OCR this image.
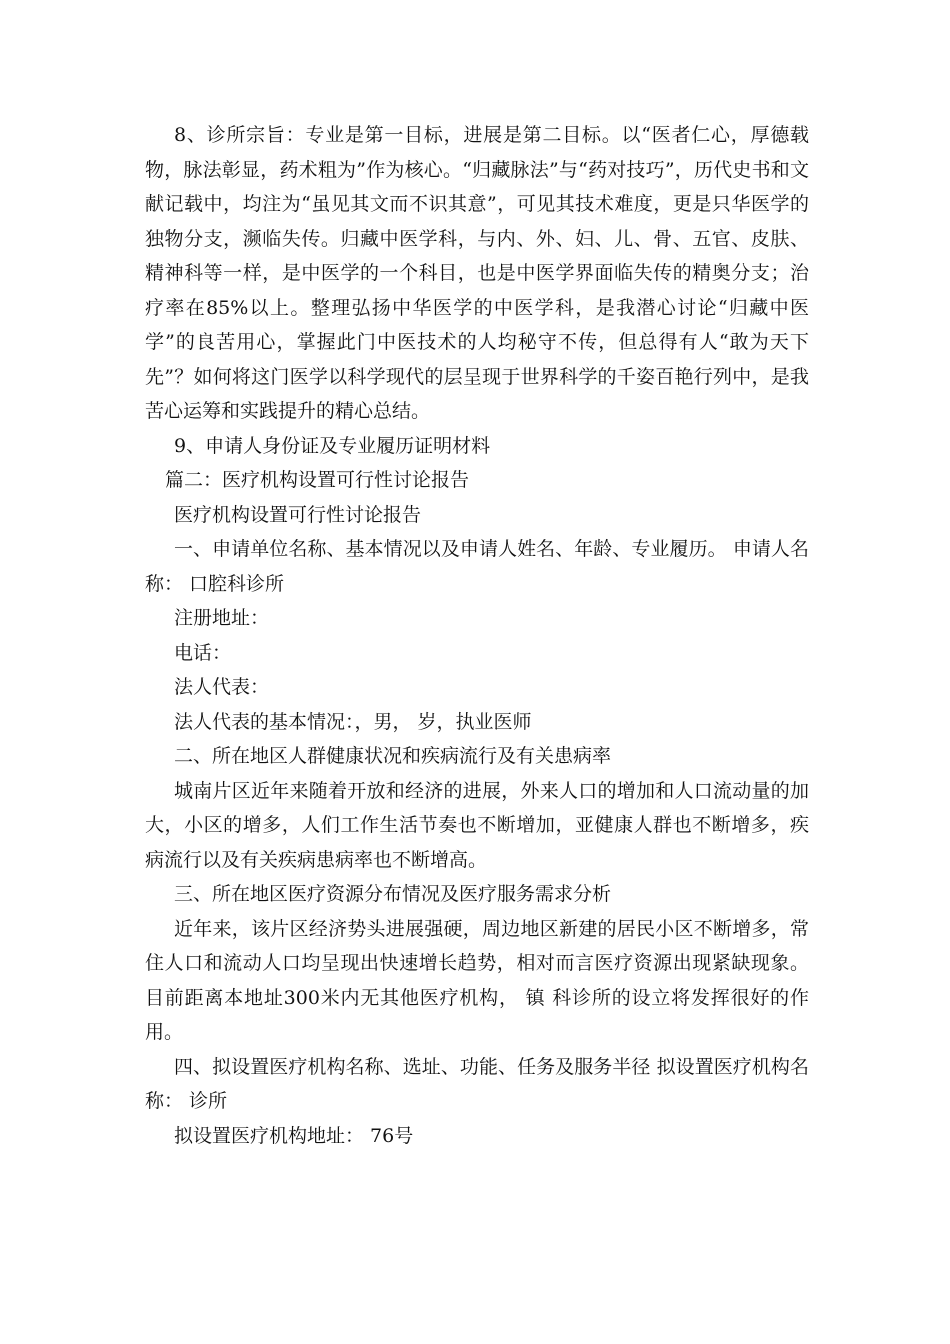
8、诊所宗旨：专业是第一目标，进展是第二目标。以“医者仁心，厚德载物，脉法彰显，药术粗为”作为核心。“归藏脉法”与“药对技巧”，历代史书和文献记载中，均注为“虽见其文而不识其意”，可见其技术难度，更是只华医学的独物分支，濒临失传。归藏中医学科，与内、外、妇、儿、骨、五官、皮肤、精神科等一样，是中医学的一个科目，也是中医学界面临失传的精奥分支；治疗率在85%以上。整理弘扬中华医学的中医学科，是我潜心讨论“归藏中医学”的良苦用心，掌握此门中医技术的人均秘守不传，但总得有人“敢为天下先”？如何将这门医学以科学现代的层呈现于世界科学的千姿百艳行列中，是我苦心运筹和实践提升的精心总结。

9、申请人身份证及专业履历证明材料

篇二：医疗机构设置可行性讨论报告

医疗机构设置可行性讨论报告

一、申请单位名称、基本情况以及申请人姓名、年龄、专业履历。 申请人名称： 口腔科诊所

注册地址：

电话：

法人代表：

法人代表的基本情况：，男， 岁，执业医师

二、所在地区人群健康状况和疾病流行及有关患病率

城南片区近年来随着开放和经济的进展，外来人口的增加和人口流动量的加大，小区的增多，人们工作生活节奏也不断增加，亚健康人群也不断增多，疾病流行以及有关疾病患病率也不断增高。

三、所在地区医疗资源分布情况及医疗服务需求分析

近年来，该片区经济势头进展强硬，周边地区新建的居民小区不断增多，常住人口和流动人口均呈现出快速增长趋势，相对而言医疗资源出现紧缺现象。目前距离本地址300米内无其他医疗机构， 镇 科诊所的设立将发挥很好的作用。

四、拟设置医疗机构名称、选址、功能、任务及服务半径 拟设置医疗机构名称： 诊所

拟设置医疗机构地址： 76号
